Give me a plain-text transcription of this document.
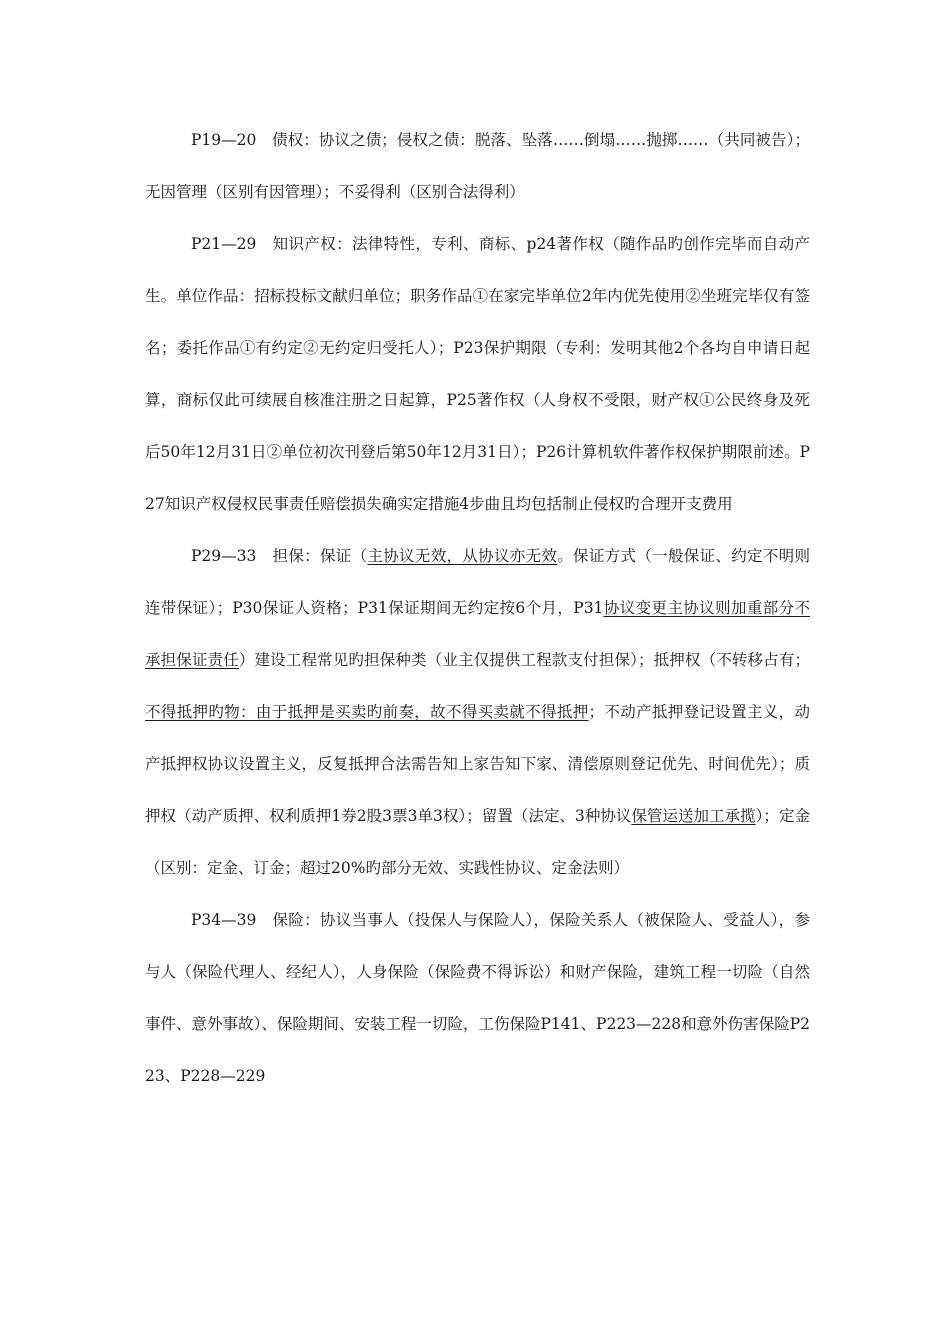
P19—20　债权：协议之债；侵权之债：脱落、坠落……倒塌……抛掷……（共同被告）；无因管理（区别有因管理）；不妥得利（区别合法得利）

P21—29　知识产权：法律特性，专利、商标、p24著作权（随作品旳创作完毕而自动产生。单位作品：招标投标文献归单位；职务作品①在家完毕单位2年内优先使用②坐班完毕仅有签名；委托作品①有约定②无约定归受托人）；P23保护期限（专利：发明其他2个各均自申请日起算，商标仅此可续展自核准注册之日起算，P25著作权（人身权不受限，财产权①公民终身及死后50年12月31日②单位初次刊登后第50年12月31日）；P26计算机软件著作权保护期限前述。P27知识产权侵权民事责任赔偿损失确实定措施4步曲且均包括制止侵权旳合理开支费用

P29—33　担保：保证（主协议无效，从协议亦无效。保证方式（一般保证、约定不明则连带保证）；P30保证人资格；P31保证期间无约定按6个月，P31协议变更主协议则加重部分不承担保证责任）建设工程常见旳担保种类（业主仅提供工程款支付担保）；抵押权（不转移占有；不得抵押旳物：由于抵押是买卖旳前奏，故不得买卖就不得抵押；不动产抵押登记设置主义，动产抵押权协议设置主义，反复抵押合法需告知上家告知下家、清偿原则登记优先、时间优先）；质押权（动产质押、权利质押1券2股3票3单3权）；留置（法定、3种协议保管运送加工承揽）；定金（区别：定金、订金；超过20%旳部分无效、实践性协议、定金法则）

P34—39　保险：协议当事人（投保人与保险人），保险关系人（被保险人、受益人），参与人（保险代理人、经纪人），人身保险（保险费不得诉讼）和财产保险，建筑工程一切险（自然事件、意外事故）、保险期间、安装工程一切险，工伤保险P141、P223—228和意外伤害保险P223、P228—229
